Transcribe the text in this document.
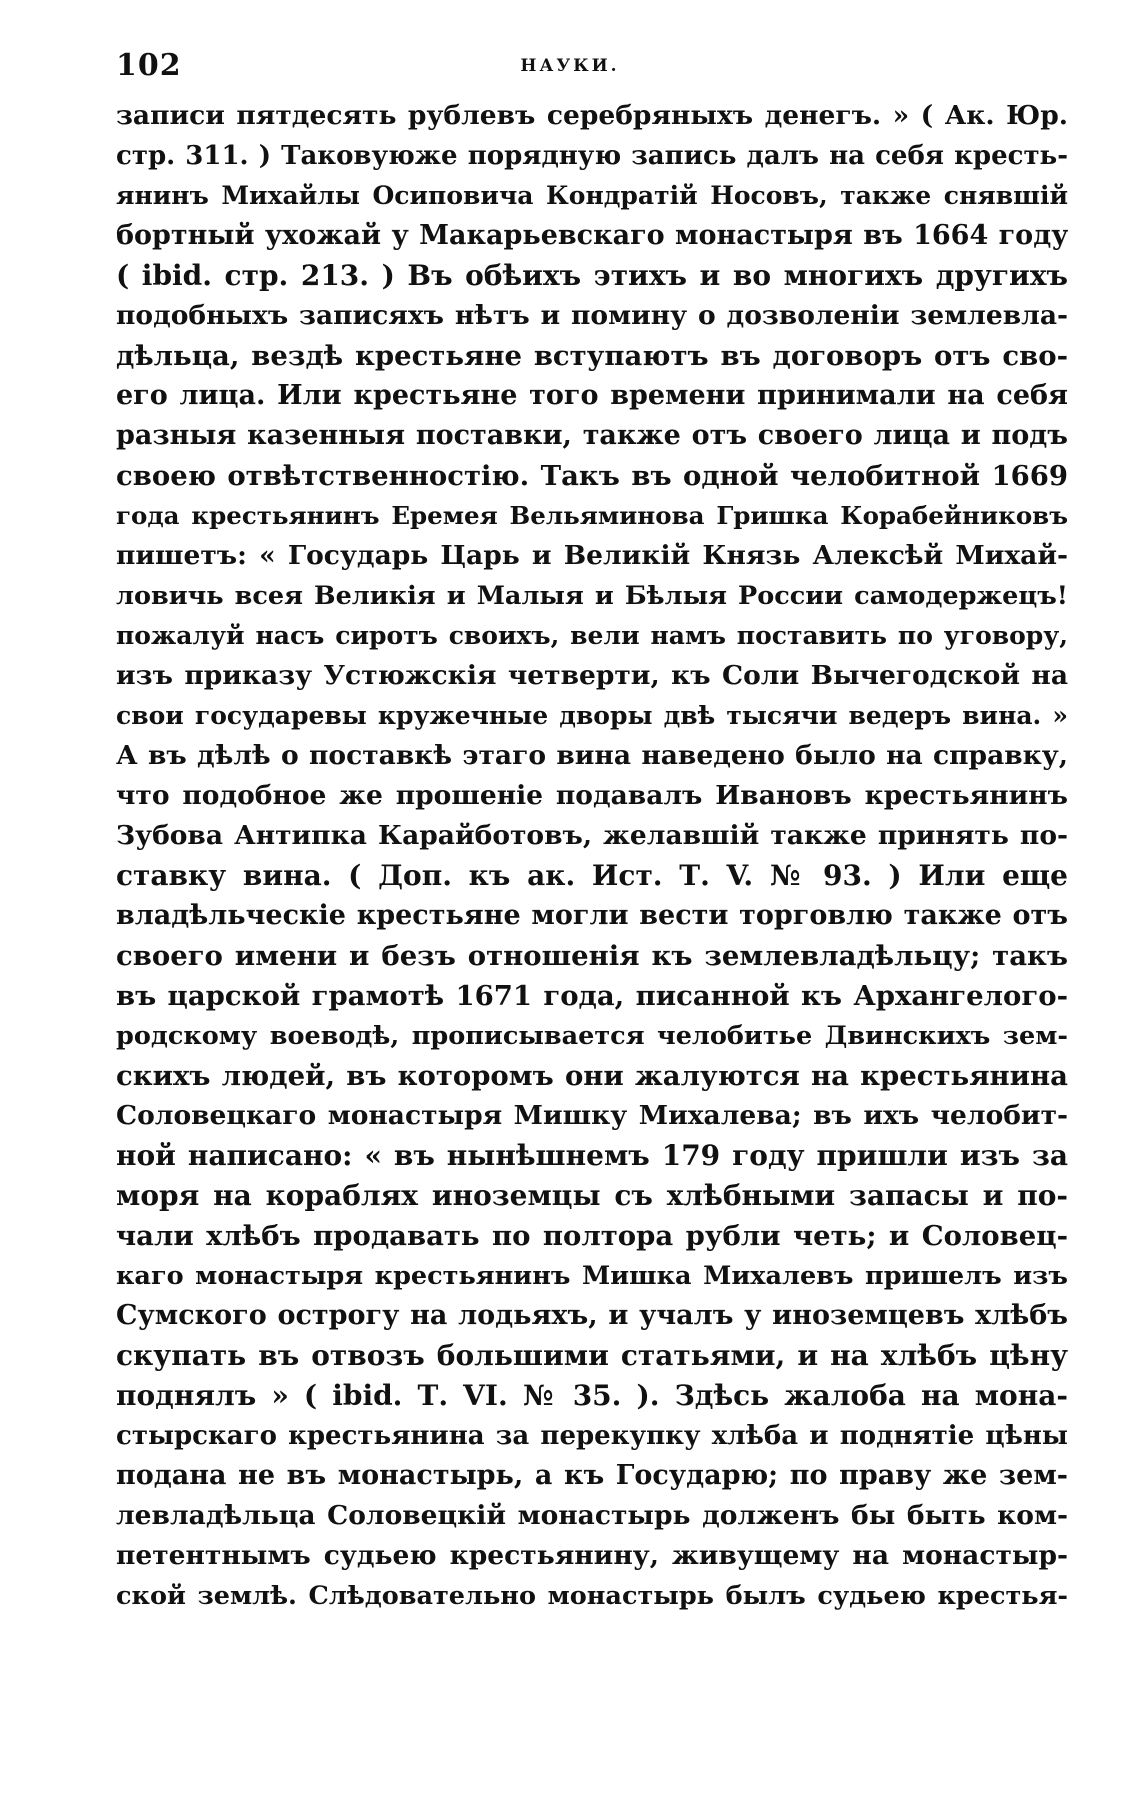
102	НАУКИ.
записи пятдесять рублевъ серебряныхъ денегъ. » ( Ак. Юр.
стр. 311. ) Таковуюже порядную запись далъ на себя кресть-
янинъ Михайлы Осиповича Кондратій Носовъ, также снявшій
бортный ухожай у Макарьевскаго монастыря въ 1664 году
( ibid. стр. 213. ) Въ обѣихъ этихъ и во многихъ другихъ
подобныхъ записяхъ нѣтъ и помину о дозволеніи землевла-
дѣльца, вездѣ крестьяне вступаютъ въ договоръ отъ сво-
его лица. Или крестьяне того времени принимали на себя
разныя казенныя поставки, также отъ своего лица и подъ
своею отвѣтственностію. Такъ въ одной челобитной 1669
года крестьянинъ Еремея Вельяминова Гришка Корабейниковъ
пишетъ: « Государь Царь и Великій Князь Алексѣй Михай-
ловичь всея Великія и Малыя и Бѣлыя России самодержецъ!
пожалуй насъ сиротъ своихъ, вели намъ поставить по уговору,
изъ приказу Устюжскія четверти, къ Соли Вычегодской на
свои государевы кружечные дворы двѣ тысячи ведеръ вина. »
А въ дѣлѣ о поставкѣ этаго вина наведено было на справку,
что подобное же прошеніе подавалъ Ивановъ крестьянинъ
Зубова Антипка Карайботовъ, желавшій также принять по-
ставку вина. ( Доп. къ ак. Ист. Т. V. № 93. ) Или еще
владѣльческіе крестьяне могли вести торговлю также отъ
своего имени и безъ отношенія къ землевладѣльцу; такъ
въ царской грамотѣ 1671 года, писанной къ Архангелого-
родскому воеводѣ, прописывается челобитье Двинскихъ зем-
скихъ людей, въ которомъ они жалуются на крестьянина
Соловецкаго монастыря Мишку Михалева; въ ихъ челобит-
ной написано: « въ нынѣшнемъ 179 году пришли изъ за
моря на кораблях иноземцы съ хлѣбными запасы и по-
чали хлѣбъ продавать по полтора рубли четь; и Соловец-
каго монастыря крестьянинъ Мишка Михалевъ пришелъ изъ
Сумского острогу на лодьяхъ, и учалъ у иноземцевъ хлѣбъ
скупать въ отвозъ большими статьями, и на хлѣбъ цѣну
поднялъ » ( ibid. Т. VI. № 35. ). Здѣсь жалоба на мона-
стырскаго крестьянина за перекупку хлѣба и поднятіе цѣны
подана не въ монастырь, а къ Государю; по праву же зем-
левладѣльца Соловецкій монастырь долженъ бы быть ком-
петентнымъ судьею крестьянину, живущему на монастыр-
ской землѣ. Слѣдовательно монастырь былъ судьею крестья-
